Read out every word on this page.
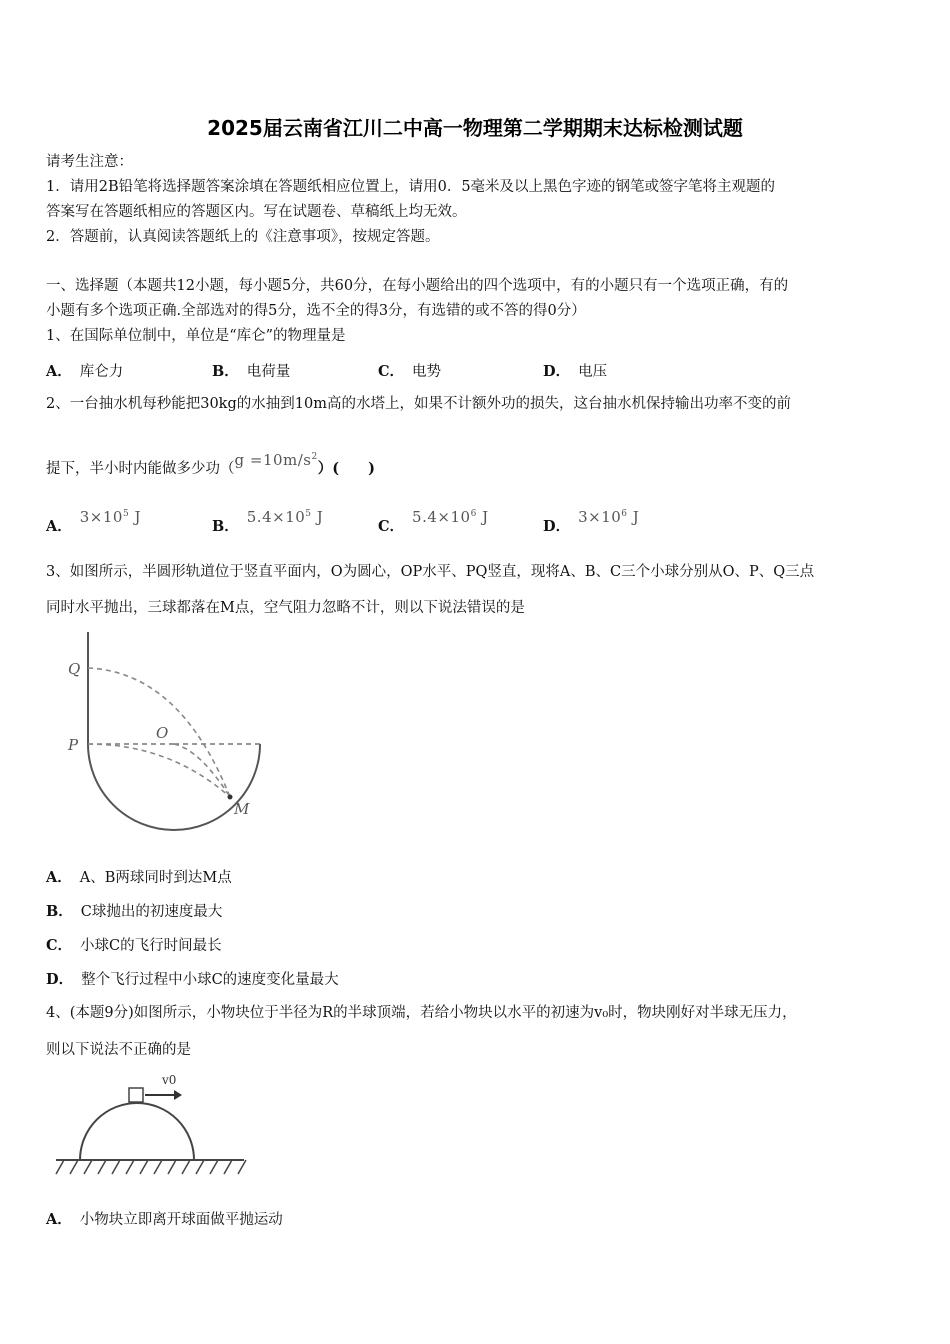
2025届云南省江川二中高一物理第二学期期末达标检测试题
请考生注意：
1．请用2B铅笔将选择题答案涂填在答题纸相应位置上，请用0．5毫米及以上黑色字迹的钢笔或签字笔将主观题的
答案写在答题纸相应的答题区内。写在试题卷、草稿纸上均无效。
2．答题前，认真阅读答题纸上的《注意事项》，按规定答题。
一、选择题（本题共12小题，每小题5分，共60分，在每小题给出的四个选项中，有的小题只有一个选项正确，有的
小题有多个选项正确.全部选对的得5分，选不全的得3分，有选错的或不答的得0分）
1、在国际单位制中，单位是“库仑”的物理量是
A． 库仑力	B． 电荷量	C． 电势	D． 电压
2、一台抽水机每秒能把30kg的水抽到10m高的水塔上，如果不计额外功的损失，这台抽水机保持输出功率不变的前
提下，半小时内能做多少功$(g =10m/s^2)$(　　)
A．$3\times 10^5$ J
B．$5.4\times 10^5$ J
C．$5.4\times 10^6$ J
D．$3\times 10^6$ J
3、如图所示，半圆形轨道位于竖直平面内，O为圆心，OP水平、PQ竖直，现将A、B、C三个小球分别从O、P、Q三点
同时水平抛出，三球都落在M点，空气阻力忽略不计，则以下说法错误的是
Q
P
O
M
A． A、B两球同时到达M点
B． C球抛出的初速度最大
C． 小球C的飞行时间最长
D． 整个飞行过程中小球C的速度变化量最大
4、(本题9分)如图所示，小物块位于半径为R的半球顶端，若给小物块以水平的初速为v₀时，物块刚好对半球无压力，
则以下说法不正确的是
v0
A． 小物块立即离开球面做平抛运动
